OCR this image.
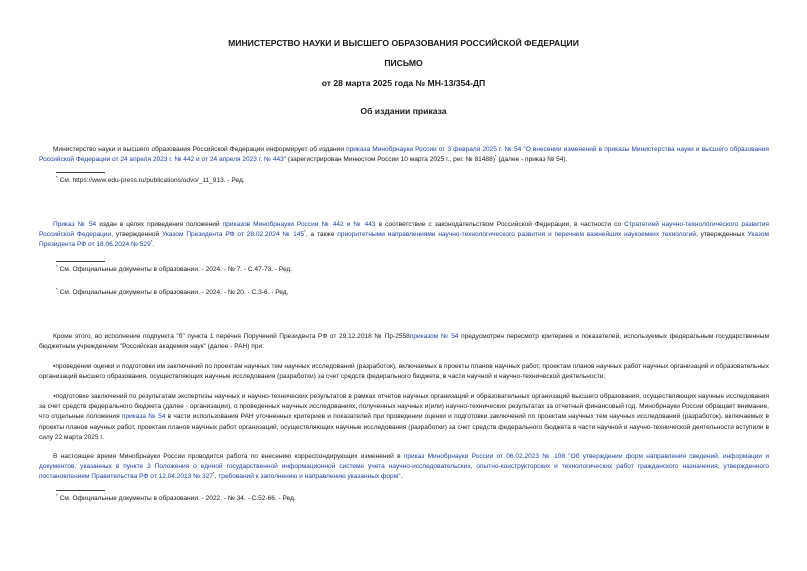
МИНИСТЕРСТВО НАУКИ И ВЫСШЕГО ОБРАЗОВАНИЯ РОССИЙСКОЙ ФЕДЕРАЦИИ
ПИСЬМО
от 28 марта 2025 года № МН-13/354-ДП
Об издании приказа
Министерство науки и высшего образования Российской Федерации информирует об издании приказа Минобрнауки России от 3 февраля 2025 г. № 54 "О внесении изменений в приказы Министерства науки и высшего образования Российской Федерации от 24 апреля 2023 г. № 442 и от 24 апреля 2023 г. № 443" (зарегистрирован Минюстом России 10 марта 2025 г., рег. № 81488)* (далее - приказ № 54).
* См. https://www.edu-press.ru/publications/odvo/_11_913. - Ред.
Приказ № 54 издан в целях приведения положений приказов Минобрнауки России № 442 и № 443 в соответствие с законодательством Российской Федерации, в частности со Стратегией научно-технологического развития Российской Федерации, утвержденной Указом Президента РФ от 28.02.2024 № 145*, а также приоритетными направлениями научно-технологического развития и перечнем важнейших наукоемких технологий, утвержденных Указом Президента РФ от 18.06.2024 № 529*.
* См. Официальные документы в образовании. - 2024. - № 7. - С.47-73. - Ред.
* См. Официальные документы в образовании. - 2024. - № 20. - С.3-6. - Ред.
Кроме этого, во исполнение подпункта "б" пункта 1 перечня Поручений Президента РФ от 29.12.2018 № Пр-2558приказом № 54 предусмотрен пересмотр критериев и показателей, используемых федеральным государственным бюджетным учреждением "Российская академия наук" (далее - РАН) при:
▪проведении оценки и подготовки им заключений по проектам научных тем научных исследований (разработок), включаемых в проекты планов научных работ, проектам планов научных работ научных организаций и образовательных организаций высшего образования, осуществляющих научные исследования (разработки) за счет средств федерального бюджета, в части научной и научно-технической деятельности;
▪подготовке заключений по результатам экспертизы научных и научно-технических результатов в рамках отчетов научных организаций и образовательных организаций высшего образования, осуществляющих научные исследования за счет средств федерального бюджета (далее - организации), о проведенных научных исследованиях, полученных научных и(или) научно-технических результатах за отчетный финансовый год. Минобрнауки России обращает внимание, что отдельные положения приказа № 54 в части использования РАН уточненных критериев и показателей при проведении оценки и подготовки заключений по проектам научных тем научных исследований (разработок), включаемых в проекты планов научных работ, проектам планов научных работ организаций, осуществляющих научные исследования (разработки) за счет средств федерального бюджета в части научной и научно-технической деятельности вступили в силу 22 марта 2025 г.
В настоящее время Минобрнауки России проводится работа по внесению корреспондирующих изменений в приказ Минобрнауки России от 06.02.2023 № 108 "Об утверждении форм направления сведений, информации и документов, указанных в пункте 3 Положения о единой государственной информационной системе учета научно-исследовательских, опытно-конструкторских и технологических работ гражданского назначения, утвержденного постановлением Правительства РФ от 12.04.2013 № 327*, требований к заполнению и направлению указанных форм".
* См. Официальные документы в образовании. - 2022. - № 34. - С.52-66. - Ред.
